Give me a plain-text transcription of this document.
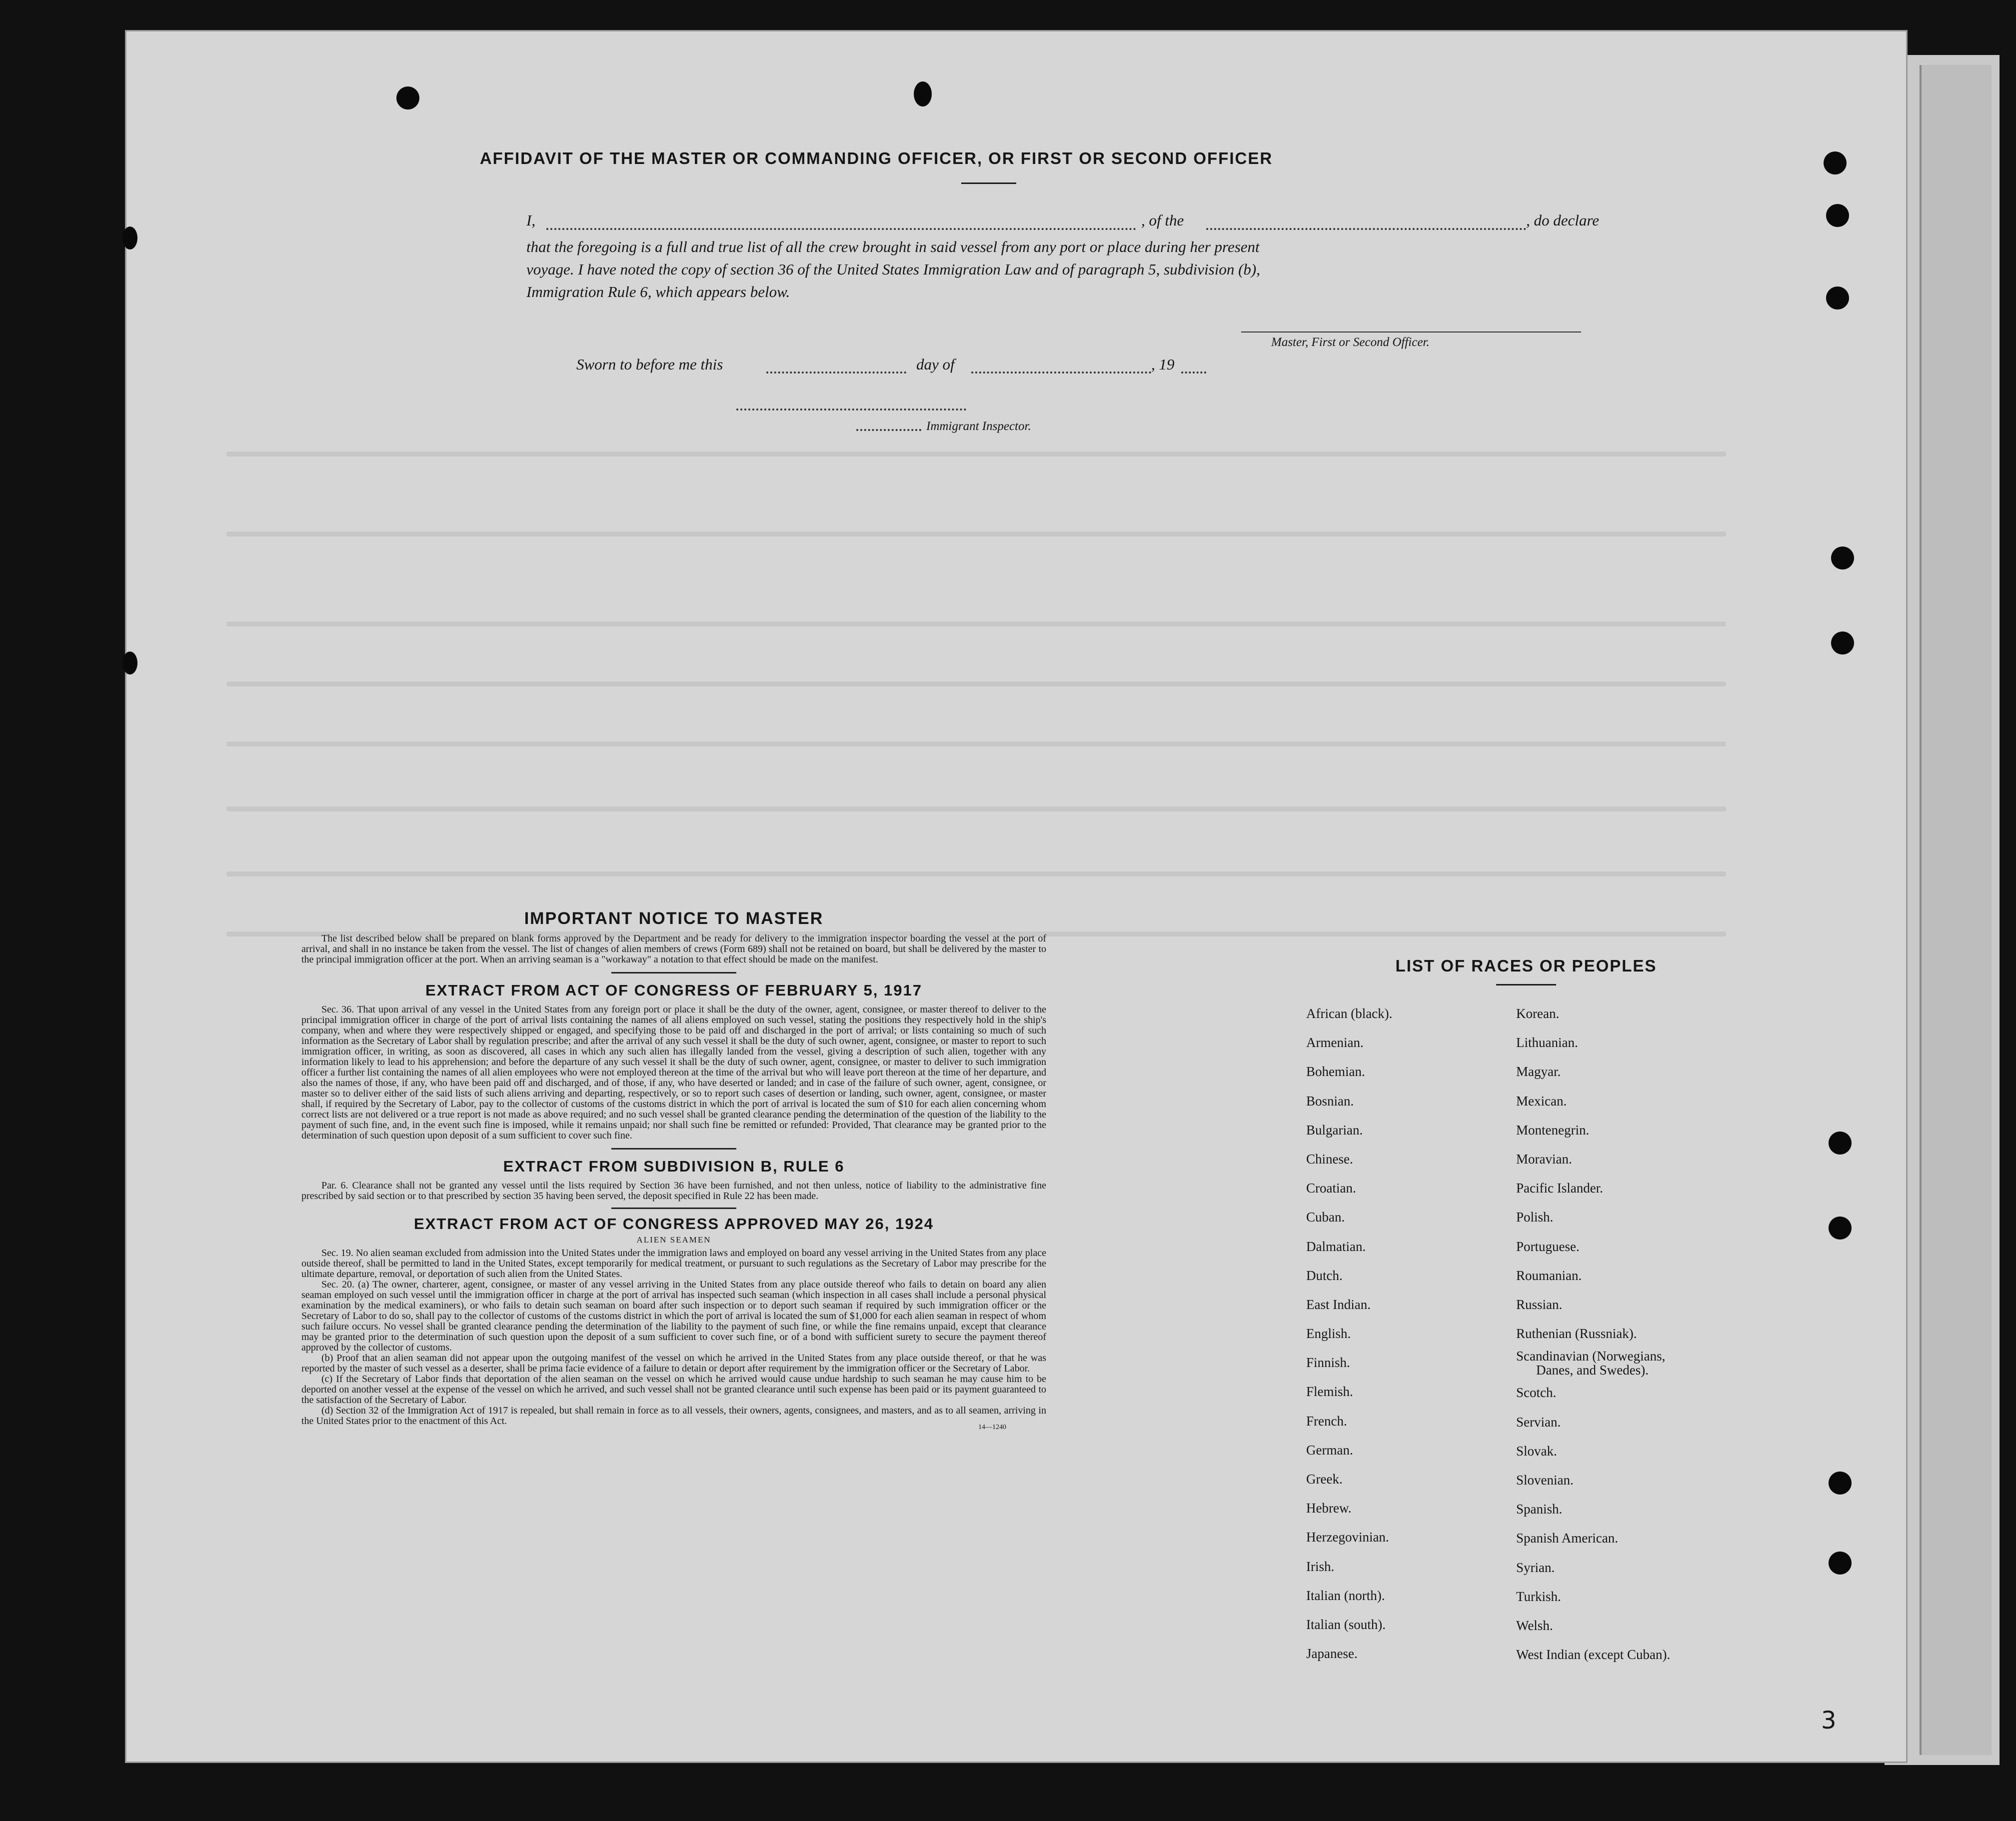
AFFIDAVIT OF THE MASTER OR COMMANDING OFFICER, OR FIRST OR SECOND OFFICER
I,	, of the	, do declare
that the foregoing is a full and true list of all the crew brought in said vessel from any port or place during her present
voyage. I have noted the copy of section 36 of the United States Immigration Law and of paragraph 5, subdivision (b),
Immigration Rule 6, which appears below.
Master, First or Second Officer.
Sworn to before me this	day of	, 19
Immigrant Inspector.
IMPORTANT NOTICE TO MASTER

The list described below shall be prepared on blank forms approved by the Department and be ready for delivery to the immigration inspector boarding the vessel at the port of arrival, and shall in no instance be taken from the vessel. The list of changes of alien members of crews (Form 689) shall not be retained on board, but shall be delivered by the master to the principal immigration officer at the port. When an arriving seaman is a "workaway" a notation to that effect should be made on the manifest.

EXTRACT FROM ACT OF CONGRESS OF FEBRUARY 5, 1917

Sec. 36. That upon arrival of any vessel in the United States from any foreign port or place it shall be the duty of the owner, agent, consignee, or master thereof to deliver to the principal immigration officer in charge of the port of arrival lists containing the names of all aliens employed on such vessel, stating the positions they respectively hold in the ship's company, when and where they were respectively shipped or engaged, and specifying those to be paid off and discharged in the port of arrival; or lists containing so much of such information as the Secretary of Labor shall by regulation prescribe; and after the arrival of any such vessel it shall be the duty of such owner, agent, consignee, or master to report to such immigration officer, in writing, as soon as discovered, all cases in which any such alien has illegally landed from the vessel, giving a description of such alien, together with any information likely to lead to his apprehension; and before the departure of any such vessel it shall be the duty of such owner, agent, consignee, or master to deliver to such immigration officer a further list containing the names of all alien employees who were not employed thereon at the time of the arrival but who will leave port thereon at the time of her departure, and also the names of those, if any, who have been paid off and discharged, and of those, if any, who have deserted or landed; and in case of the failure of such owner, agent, consignee, or master so to deliver either of the said lists of such aliens arriving and departing, respectively, or so to report such cases of desertion or landing, such owner, agent, consignee, or master shall, if required by the Secretary of Labor, pay to the collector of customs of the customs district in which the port of arrival is located the sum of $10 for each alien concerning whom correct lists are not delivered or a true report is not made as above required; and no such vessel shall be granted clearance pending the determination of the question of the liability to the payment of such fine, and, in the event such fine is imposed, while it remains unpaid; nor shall such fine be remitted or refunded: Provided, That clearance may be granted prior to the determination of such question upon deposit of a sum sufficient to cover such fine.

EXTRACT FROM SUBDIVISION B, RULE 6

Par. 6. Clearance shall not be granted any vessel until the lists required by Section 36 have been furnished, and not then unless, notice of liability to the administrative fine prescribed by said section or to that prescribed by section 35 having been served, the deposit specified in Rule 22 has been made.

EXTRACT FROM ACT OF CONGRESS APPROVED MAY 26, 1924
ALIEN SEAMEN

Sec. 19. No alien seaman excluded from admission into the United States under the immigration laws and employed on board any vessel arriving in the United States from any place outside thereof, shall be permitted to land in the United States, except temporarily for medical treatment, or pursuant to such regulations as the Secretary of Labor may prescribe for the ultimate departure, removal, or deportation of such alien from the United States.

Sec. 20. (a) The owner, charterer, agent, consignee, or master of any vessel arriving in the United States from any place outside thereof who fails to detain on board any alien seaman employed on such vessel until the immigration officer in charge at the port of arrival has inspected such seaman (which inspection in all cases shall include a personal physical examination by the medical examiners), or who fails to detain such seaman on board after such inspection or to deport such seaman if required by such immigration officer or the Secretary of Labor to do so, shall pay to the collector of customs of the customs district in which the port of arrival is located the sum of $1,000 for each alien seaman in respect of whom such failure occurs. No vessel shall be granted clearance pending the determination of the liability to the payment of such fine, or while the fine remains unpaid, except that clearance may be granted prior to the determination of such question upon the deposit of a sum sufficient to cover such fine, or of a bond with sufficient surety to secure the payment thereof approved by the collector of customs.

(b) Proof that an alien seaman did not appear upon the outgoing manifest of the vessel on which he arrived in the United States from any place outside thereof, or that he was reported by the master of such vessel as a deserter, shall be prima facie evidence of a failure to detain or deport after requirement by the immigration officer or the Secretary of Labor.

(c) If the Secretary of Labor finds that deportation of the alien seaman on the vessel on which he arrived would cause undue hardship to such seaman he may cause him to be deported on another vessel at the expense of the vessel on which he arrived, and such vessel shall not be granted clearance until such expense has been paid or its payment guaranteed to the satisfaction of the Secretary of Labor.

(d) Section 32 of the Immigration Act of 1917 is repealed, but shall remain in force as to all vessels, their owners, agents, consignees, and masters, and as to all seamen, arriving in the United States prior to the enactment of this Act.

14—1240
LIST OF RACES OR PEOPLES
African (black).
Armenian.
Bohemian.
Bosnian.
Bulgarian.
Chinese.
Croatian.
Cuban.
Dalmatian.
Dutch.
East Indian.
English.
Finnish.
Flemish.
French.
German.
Greek.
Hebrew.
Herzegovinian.
Irish.
Italian (north).
Italian (south).
Japanese.
Korean.
Lithuanian.
Magyar.
Mexican.
Montenegrin.
Moravian.
Pacific Islander.
Polish.
Portuguese.
Roumanian.
Russian.
Ruthenian (Russniak).
Scandinavian (Norwegians,
Danes, and Swedes).
Scotch.
Servian.
Slovak.
Slovenian.
Spanish.
Spanish American.
Syrian.
Turkish.
Welsh.
West Indian (except Cuban).
3
